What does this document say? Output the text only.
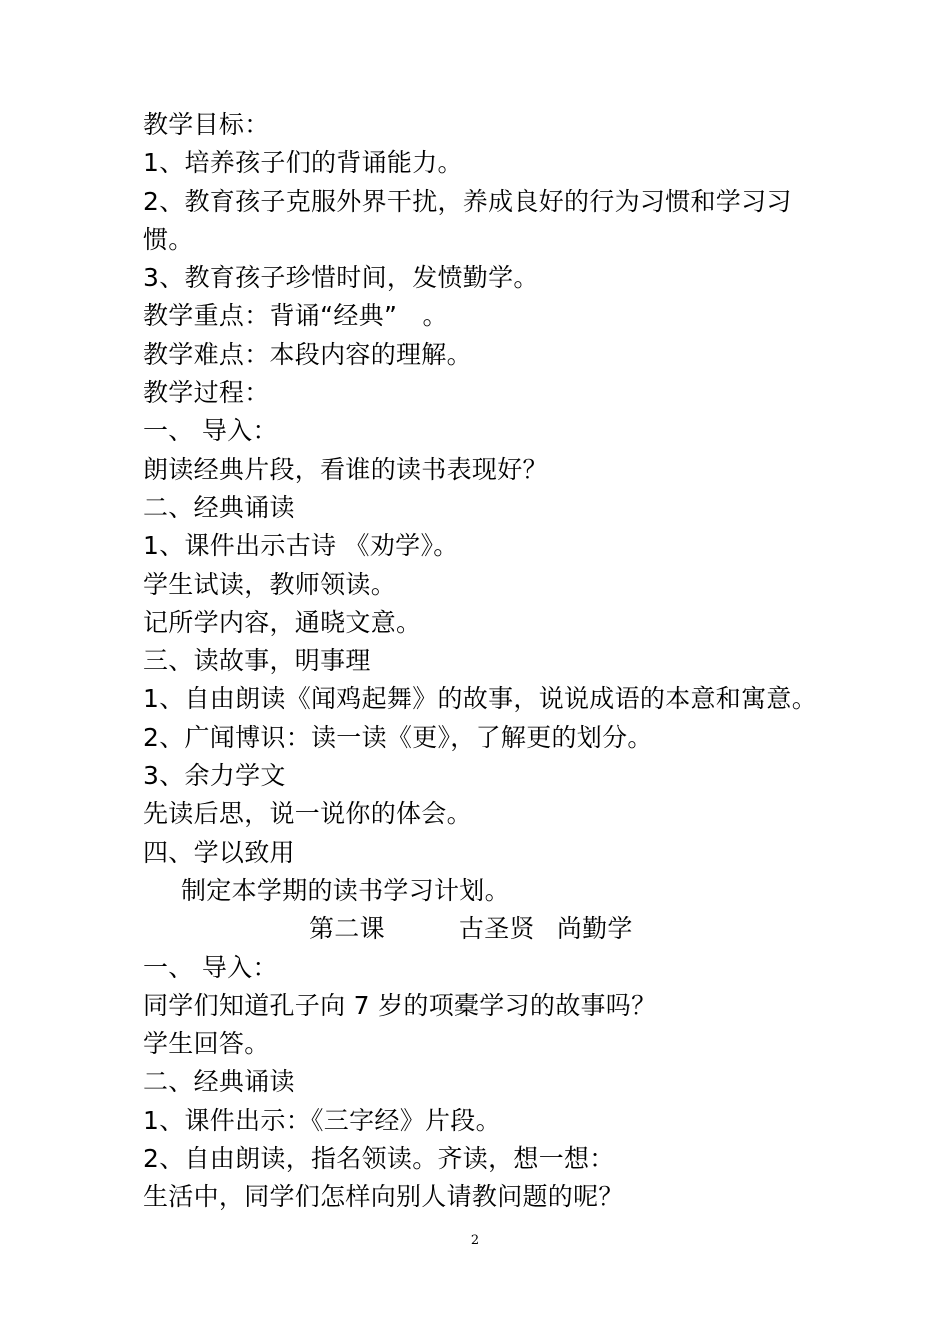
教学目标：
1、培养孩子们的背诵能力。
2、教育孩子克服外界干扰，养成良好的行为习惯和学习习
惯。
3、教育孩子珍惜时间，发愤勤学。
教学重点：背诵“经典”　。
教学难点：本段内容的理解。
教学过程：
一、 导入：
朗读经典片段，看谁的读书表现好？
二、经典诵读
1、课件出示古诗 《劝学》。
学生试读，教师领读。
记所学内容，通晓文意。
三、读故事，明事理
1、自由朗读《闻鸡起舞》的故事，说说成语的本意和寓意。
2、广闻博识：读一读《更》，了解更的划分。
3、余力学文
先读后思，说一说你的体会。
四、学以致用
制定本学期的读书学习计划。
第二课	古圣贤 尚勤学
一、 导入：
同学们知道孔子向 7 岁的项橐学习的故事吗？
学生回答。
二、经典诵读
1、课件出示：《三字经》片段。
2、自由朗读，指名领读。齐读，想一想：
生活中，同学们怎样向别人请教问题的呢？
2
